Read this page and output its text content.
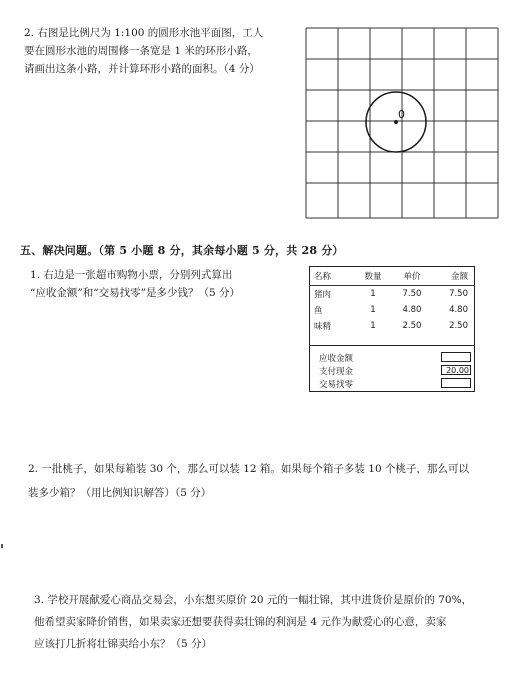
2. 右图是比例尺为 1:100 的圆形水池平面图，工人
要在圆形水池的周围修一条宽是 1 米的环形小路，
请画出这条小路，并计算环形小路的面积。（4 分）
0
五、解决问题。（第 5 小题 8 分，其余每小题 5 分，共 28 分）
1. 右边是一张超市购物小票，分别列式算出
“应收金额”和“交易找零”是多少钱？（5 分）
名称	数量	单价	金额
猪肉	1	7.50	7.50
鱼	1	4.80	4.80
味精	1	2.50	2.50
应收金额
支付现金	20.00
交易找零
2. 一批桃子，如果每箱装 30 个，那么可以装 12 箱。如果每个箱子多装 10 个桃子，那么可以
装多少箱？（用比例知识解答）（5 分）
3. 学校开展献爱心商品交易会，小东想买原价 20 元的一幅壮锦，其中进货价是原价的 70%，
他希望卖家降价销售，如果卖家还想要获得卖壮锦的利润是 4 元作为献爱心的心意，卖家
应该打几折将壮锦卖给小东？（5 分）
